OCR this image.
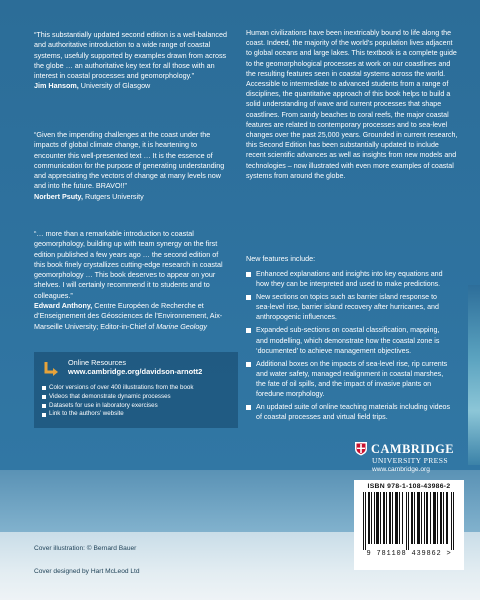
“This substantially updated second edition is a well-balanced and authoritative introduction to a wide range of coastal systems, usefully supported by examples drawn from across the globe … an authoritative key text for all those with an interest in coastal processes and geomorphology.”

Jim Hansom, University of Glasgow

“Given the impending challenges at the coast under the impacts of global climate change, it is heartening to encounter this well-presented text … It is the essence of communication for the purpose of generating understanding and appreciating the vectors of change at many levels now and into the future. BRAVO!!”

Norbert Psuty, Rutgers University

“… more than a remarkable introduction to coastal geomorphology, building up with team synergy on the first edition published a few years ago … the second edition of this book finely crystallizes cutting-edge research in coastal geomorphology … This book deserves to appear on your shelves. I will certainly recommend it to students and to colleagues.”

Edward Anthony, Centre Européen de Recherche et d’Enseignement des Géosciences de l’Environnement, Aix-Marseille University; Editor-in-Chief of Marine Geology

Online Resources
www.cambridge.org/davidson-arnott2
Color versions of over 400 illustrations from the book
Videos that demonstrate dynamic processes
Datasets for use in laboratory exercises
Link to the authors’ website

Human civilizations have been inextricably bound to life along the coast. Indeed, the majority of the world’s population lives adjacent to global oceans and large lakes. This textbook is a complete guide to the geomorphological processes at work on our coastlines and the resulting features seen in coastal systems across the world. Accessible to intermediate to advanced students from a range of disciplines, the quantitative approach of this book helps to build a solid understanding of wave and current processes that shape coastlines. From sandy beaches to coral reefs, the major coastal features are related to contemporary processes and to sea-level changes over the past 25,000 years. Grounded in current research, this Second Edition has been substantially updated to include recent scientific advances as well as insights from new models and technologies – now illustrated with even more examples of coastal systems from around the globe.

New features include:
Enhanced explanations and insights into key equations and how they can be interpreted and used to make predictions.
New sections on topics such as barrier island response to sea-level rise, barrier island recovery after hurricanes, and anthropogenic influences.
Expanded sub-sections on coastal classification, mapping, and modelling, which demonstrate how the coastal zone is ‘documented’ to achieve management objectives.
Additional boxes on the impacts of sea-level rise, rip currents and water safety, managed realignment in coastal marshes, the fate of oil spills, and the impact of invasive plants on foredune morphology.
An updated suite of online teaching materials including videos of coastal processes and virtual field trips.
CAMBRIDGE
UNIVERSITY PRESS
www.cambridge.org
ISBN 978-1-108-43986-2
9 781108 439862 >
Cover illustration: © Bernard Bauer
Cover designed by Hart McLeod Ltd
